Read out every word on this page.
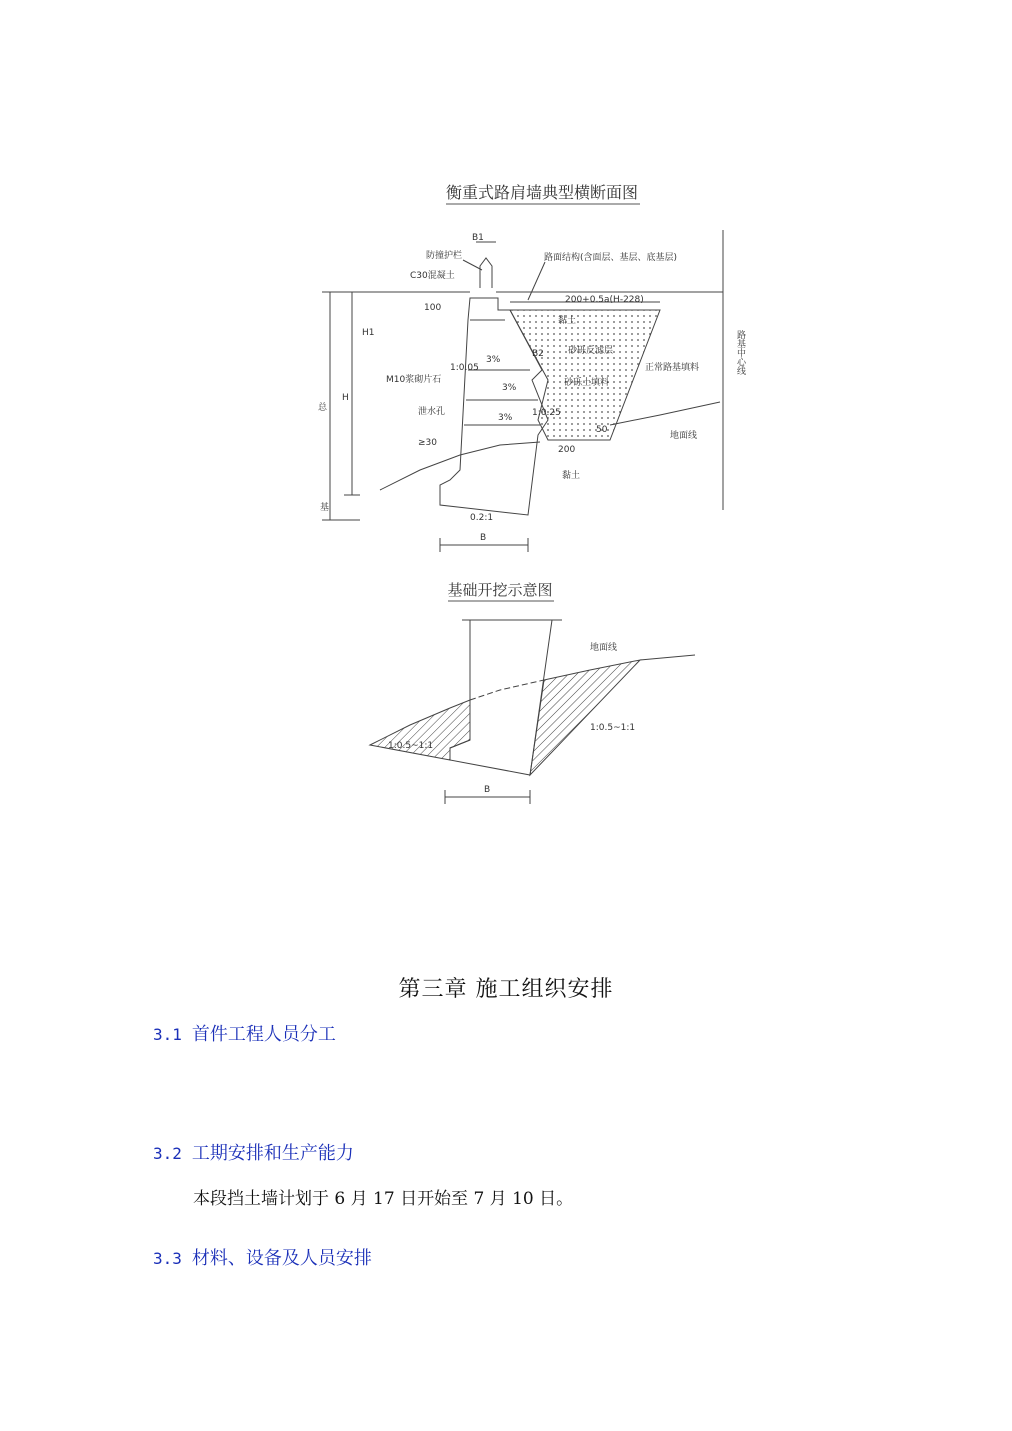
衡重式路肩墙典型横断面图
B1
防撞护栏
C30混凝土
路面结构(含面层、基层、底基层)
200+0.5a(H-228)
黏土
砂砾反滤层
砂砾土填料
正常路基填料
M10浆砌片石
泄水孔
地面线
黏土
H
H1
总
基
100
≥30
50
200
1:0.05
1:0.25
3%
3%
3%
B2
0.2:1
B
路基中心线
基础开挖示意图
地面线
1:0.5~1:1
1:0.5~1:1
B
第三章 施工组织安排
3.1 首件工程人员分工
3.2 工期安排和生产能力
本段挡土墙计划于 6 月 17 日开始至 7 月 10 日。
3.3 材料、设备及人员安排
